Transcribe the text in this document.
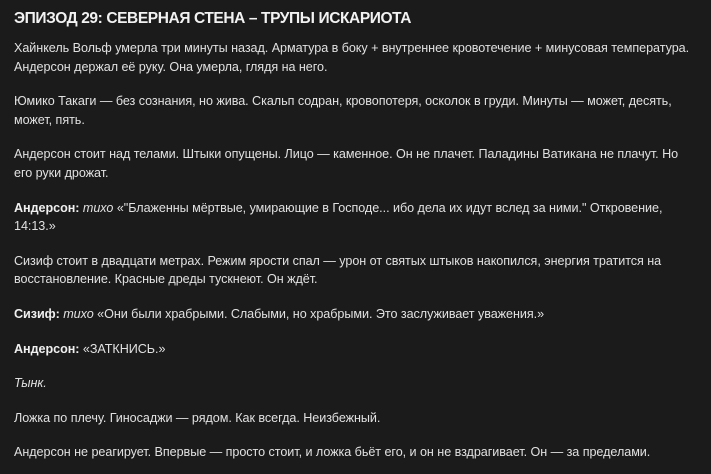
ЭПИЗОД 29: СЕВЕРНАЯ СТЕНА – ТРУПЫ ИСКАРИОТА

Хайнкель Вольф умерла три минуты назад. Арматура в боку + внутреннее кровотечение + минусовая температура. Андерсон держал её руку. Она умерла, глядя на него.

Юмико Такаги — без сознания, но жива. Скальп содран, кровопотеря, осколок в груди. Минуты — может, десять, может, пять.

Андерсон стоит над телами. Штыки опущены. Лицо — каменное. Он не плачет. Паладины Ватикана не плачут. Но его руки дрожат.

Андерсон: тихо «"Блаженны мёртвые, умирающие в Господе... ибо дела их идут вслед за ними." Откровение, 14:13.»

Сизиф стоит в двадцати метрах. Режим ярости спал — урон от святых штыков накопился, энергия тратится на восстановление. Красные дреды тускнеют. Он ждёт.

Сизиф: тихо «Они были храбрыми. Слабыми, но храбрыми. Это заслуживает уважения.»

Андерсон: «ЗАТКНИСЬ.»

Тынк.

Ложка по плечу. Гиносаджи — рядом. Как всегда. Неизбежный.

Андерсон не реагирует. Впервые — просто стоит, и ложка бьёт его, и он не вздрагивает. Он — за пределами.
